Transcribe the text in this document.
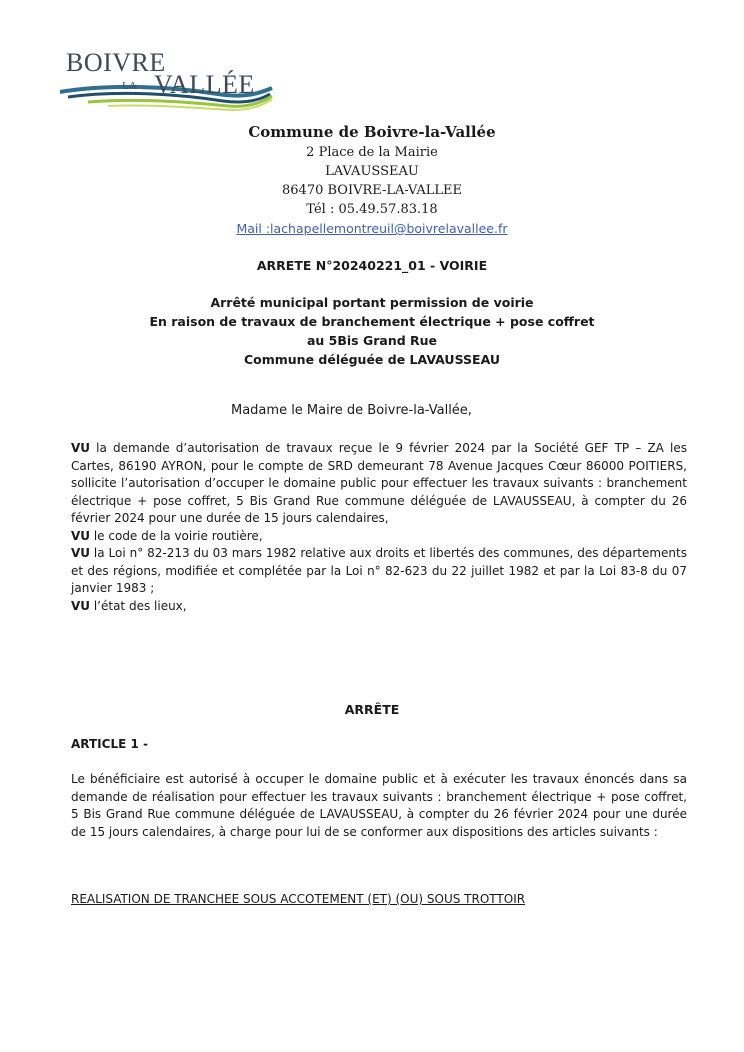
BOIVRE
LA VALLÉE
Commune de Boivre-la-Vallée
2 Place de la Mairie
LAVAUSSEAU
86470 BOIVRE-LA-VALLEE
Tél : 05.49.57.83.18
Mail :lachapellemontreuil@boivrelavallee.fr
ARRETE N°20240221_01 - VOIRIE
Arrêté municipal portant permission de voirie
En raison de travaux de branchement électrique + pose coffret
au 5Bis Grand Rue
Commune déléguée de LAVAUSSEAU
Madame le Maire de Boivre-la-Vallée,

VU la demande d’autorisation de travaux reçue le 9 février 2024 par la Société GEF TP – ZA les Cartes, 86190 AYRON, pour le compte de SRD demeurant 78 Avenue Jacques Cœur 86000 POITIERS, sollicite l’autorisation d’occuper le domaine public pour effectuer les travaux suivants : branchement électrique + pose coffret, 5 Bis Grand Rue commune déléguée de LAVAUSSEAU, à compter du 26 février 2024 pour une durée de 15 jours calendaires,

VU le code de la voirie routière,

VU la Loi n° 82-213 du 03 mars 1982 relative aux droits et libertés des communes, des départements et des régions, modifiée et complétée par la Loi n° 82-623 du 22 juillet 1982 et par la Loi 83-8 du 07 janvier 1983 ;

VU l’état des lieux,

ARRÊTE
ARTICLE 1 -

Le bénéficiaire est autorisé à occuper le domaine public et à exécuter les travaux énoncés dans sa demande de réalisation pour effectuer les travaux suivants : branchement électrique + pose coffret, 5 Bis Grand Rue commune déléguée de LAVAUSSEAU, à compter du 26 février 2024 pour une durée de 15 jours calendaires, à charge pour lui de se conformer aux dispositions des articles suivants :

REALISATION DE TRANCHEE SOUS ACCOTEMENT (ET) (OU) SOUS TROTTOIR
